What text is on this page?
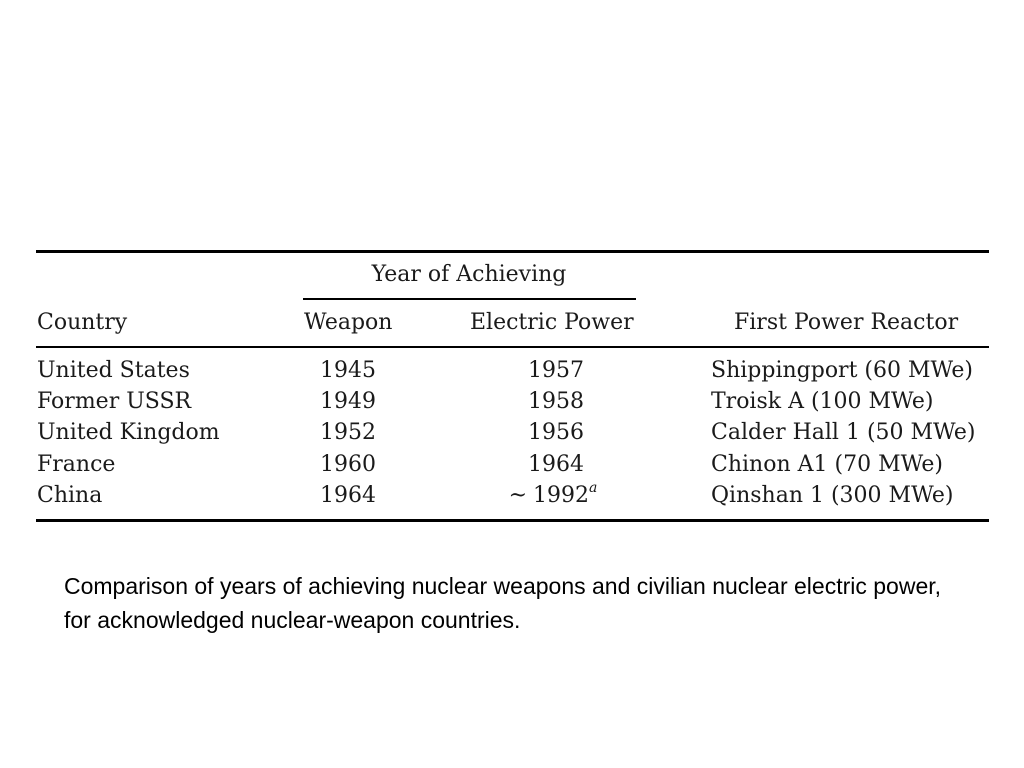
Year of Achieving
Country	Weapon	Electric Power	First Power Reactor
United States	1945	1957	Shippingport (60 MWe)
Former USSR	1949	1958	Troisk A (100 MWe)
United Kingdom	1952	1956	Calder Hall 1 (50 MWe)
France	1960	1964	Chinon A1 (70 MWe)
China	1964	~ 1992$^a$	Qinshan 1 (300 MWe)
Comparison of years of achieving nuclear weapons and civilian nuclear electric power, for acknowledged nuclear-weapon countries.
